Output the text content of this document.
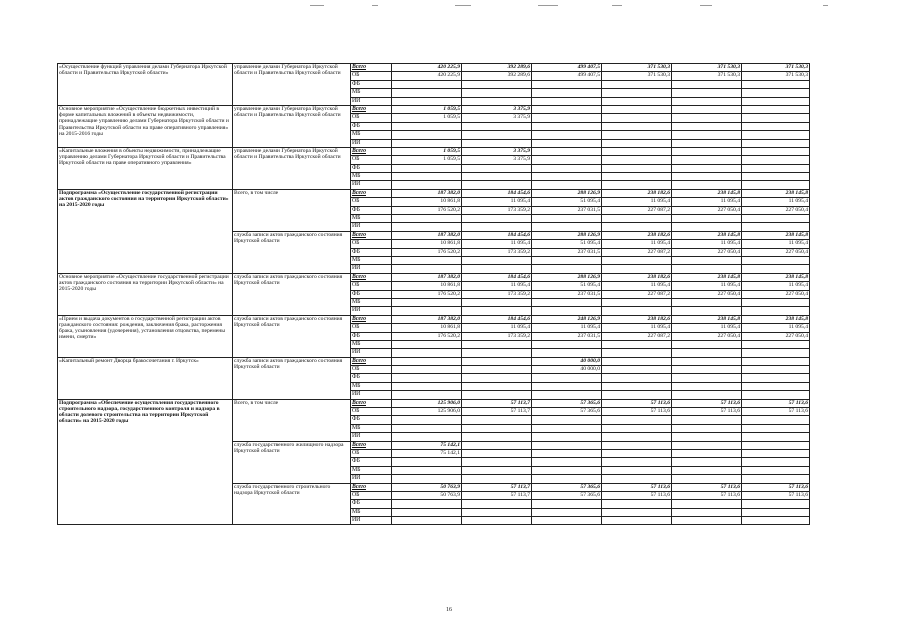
«Осуществление функций управления делами Губернатора Иркутской области и Правительства Иркутской области»	управление делами Губернатора Иркутской области и Правительства Иркутской области	Всего	420 225,9	392 289,6	499 407,5	371 530,3	371 530,3	371 530,3
		ОБ	420 225,9	392 289,6	499 407,5	371 530,3	371 530,3	371 530,3
		ФБ						
		МБ						
		ИИ						
Основное мероприятие «Осуществление бюджетных инвестиций в форме капитальных вложений в объекты недвижимости, принадлежащие управлению делами Губернатора Иркутской области и Правительства Иркутской области на праве оперативного управления» на 2015-2016 годы	управление делами Губернатора Иркутской области и Правительства Иркутской области	Всего	1 059,5	3 375,9				
		ОБ	1 059,5	3 375,9				
		ФБ						
		МБ						
		ИИ						
«Капитальные вложения в объекты недвижимости, принадлежащие управлению делами Губернатора Иркутской области и Правительства Иркутской области на праве оперативного управления»	управление делами Губернатора Иркутской области и Правительства Иркутской области	Всего	1 059,5	3 375,9				
		ОБ	1 059,5	3 375,9				
		ФБ						
		МБ						
		ИИ						
Подпрограмма «Осуществление государственной регистрации актов гражданского состояния на территории Иркутской области» на 2015-2020 годы	Всего, в том числе	Всего	187 382,0	184 454,6	288 126,9	238 182,6	238 145,8	238 145,8
		ОБ	10 861,8	11 095,4	51 095,4	11 095,4	11 095,4	11 095,4
		ФБ	176 520,2	173 359,2	237 031,5	227 087,2	227 050,4	227 050,4
		МБ						
		ИИ						
	служба записи актов гражданского состояния Иркутской области	Всего	187 382,0	184 454,6	288 126,9	238 182,6	238 145,8	238 145,8
		ОБ	10 861,8	11 095,4	51 095,4	11 095,4	11 095,4	11 095,4
		ФБ	176 520,2	173 359,2	237 031,5	227 087,2	227 050,4	227 050,4
		МБ						
		ИИ						
Основное мероприятие «Осуществление государственной регистрации актов гражданского состояния на территории Иркутской области» на 2015-2020 годы	служба записи актов гражданского состояния Иркутской области	Всего	187 382,0	184 454,6	288 126,9	238 182,6	238 145,8	238 145,8
		ОБ	10 861,8	11 095,4	51 095,4	11 095,4	11 095,4	11 095,4
		ФБ	176 520,2	173 359,2	237 031,5	227 087,2	227 050,4	227 050,4
		МБ						
		ИИ						
«Прием и выдача документов о государственной регистрации актов гражданского состояния: рождения, заключения брака, расторжения брака, усыновления (удочерения), установления отцовства, перемены имени, смерти»	служба записи актов гражданского состояния Иркутской области	Всего	187 382,0	184 454,6	248 126,9	238 182,6	238 145,8	238 145,8
		ОБ	10 861,8	11 095,4	11 095,4	11 095,4	11 095,4	11 095,4
		ФБ	176 520,2	173 359,2	237 031,5	227 087,2	227 050,4	227 050,4
		МБ						
		ИИ						
«Капитальный ремонт Дворца бракосочетания г. Иркутск»	служба записи актов гражданского состояния Иркутской области	Всего			40 000,0			
		ОБ			40 000,0			
		ФБ						
		МБ						
		ИИ						
Подпрограмма «Обеспечение осуществления государственного строительного надзора, государственного контроля и надзора в области долевого строительства на территории Иркутской области» на 2015-2020 годы	Всего, в том числе	Всего	125 906,0	57 113,7	57 365,6	57 113,6	57 113,6	57 113,6
		ОБ	125 906,0	57 113,7	57 365,6	57 113,6	57 113,6	57 113,6
		ФБ						
		МБ						
		ИИ						
	служба государственного жилищного надзора Иркутской области	Всего	75 142,1					
		ОБ	75 142,1					
		ФБ						
		МБ						
		ИИ						
	служба государственного строительного надзора Иркутской области	Всего	50 763,9	57 113,7	57 365,6	57 113,6	57 113,6	57 113,6
		ОБ	50 763,9	57 113,7	57 365,6	57 113,6	57 113,6	57 113,6
		ФБ						
		МБ						
		ИИ						
16
